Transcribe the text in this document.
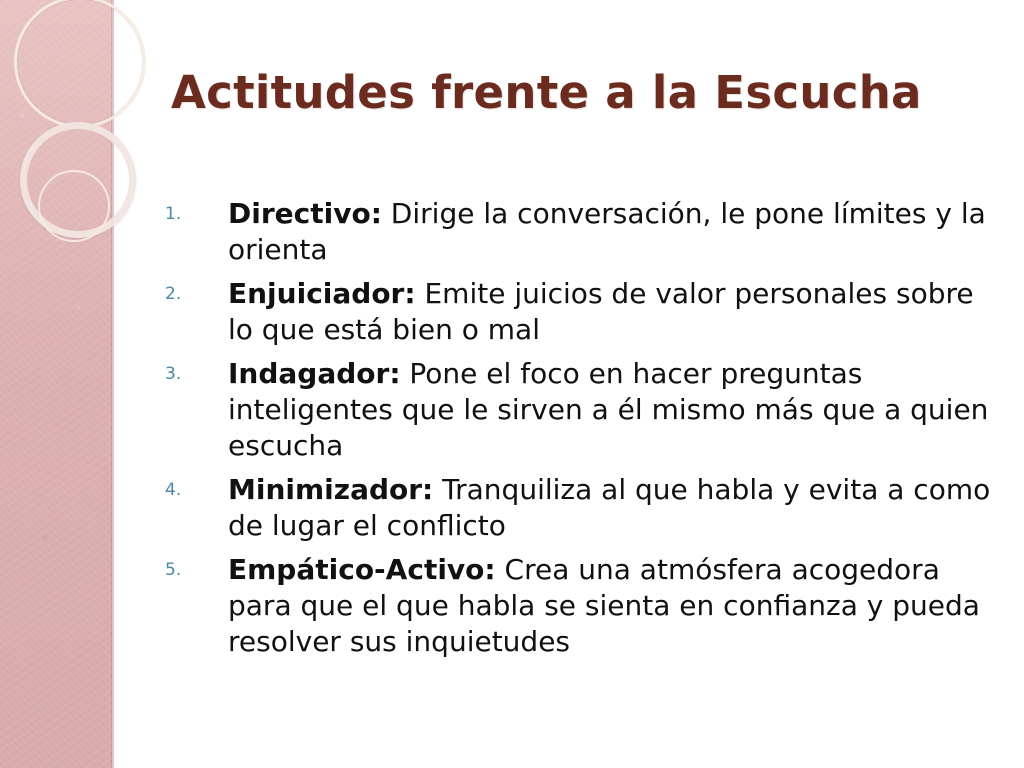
Actitudes frente a la Escucha
1. Directivo: Dirige la conversación, le pone límites y la orienta
2. Enjuiciador: Emite juicios de valor personales sobre lo que está bien o mal
3. Indagador: Pone el foco en hacer preguntas inteligentes que le sirven a él mismo más que a quien escucha
4. Minimizador: Tranquiliza al que habla y evita a como de lugar el conflicto
5. Empático-Activo: Crea una atmósfera acogedora para que el que habla se sienta en confianza y pueda resolver sus inquietudes
